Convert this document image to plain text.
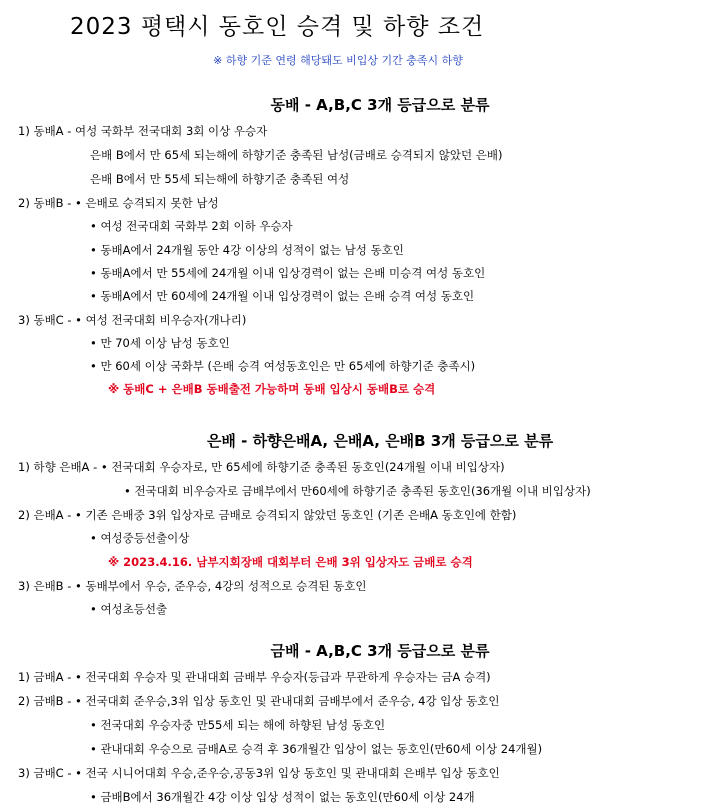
2023 평택시 동호인 승격 및 하향 조건
※ 하향 기준 연령 해당돼도 비입상 기간 충족시 하향
동배 - A,B,C 3개 등급으로 분류
1) 동배A - 여성 국화부 전국대회 3회 이상 우승자
은배 B에서 만 65세 되는해에 하향기준 충족된 남성(금배로 승격되지 않았던 은배)
은배 B에서 만 55세 되는해에 하향기준 충족된 여성
2) 동배B - • 은배로 승격되지 못한 남성
• 여성 전국대회 국화부 2회 이하 우승자
• 동배A에서 24개월 동안 4강 이상의 성적이 없는 남성 동호인
• 동배A에서 만 55세에 24개월 이내 입상경력이 없는 은배 미승격 여성 동호인
• 동배A에서 만 60세에 24개월 이내 입상경력이 없는 은배 승격 여성 동호인
3) 동배C - • 여성 전국대회 비우승자(개나리)
• 만 70세 이상 남성 동호인
• 만 60세 이상 국화부 (은배 승격 여성동호인은 만 65세에 하향기준 충족시)
※ 동배C + 은배B 동배출전 가능하며 동배 입상시 동배B로 승격
은배 - 하향은배A, 은배A, 은배B 3개 등급으로 분류
1) 하향 은배A - • 전국대회 우승자로, 만 65세에 하향기준 충족된 동호인(24개월 이내 비입상자)
• 전국대회 비우승자로 금배부에서 만60세에 하향기준 충족된 동호인(36개월 이내 비입상자)
2) 은배A - • 기존 은배중 3위 입상자로 금배로 승격되지 않았던 동호인 (기존 은배A 동호인에 한함)
• 여성중등선출이상
※ 2023.4.16. 남부지회장배 대회부터 은배 3위 입상자도 금배로 승격
3) 은배B - • 동배부에서 우승, 준우승, 4강의 성적으로 승격된 동호인
• 여성초등선출
금배 - A,B,C 3개 등급으로 분류
1) 금배A - • 전국대회 우승자 및 관내대회 금배부 우승자(등급과 무관하게 우승자는 금A 승격)
2) 금배B - • 전국대회 준우승,3위 입상 동호인 및 관내대회 금배부에서 준우승, 4강 입상 동호인
• 전국대회 우승자중 만55세 되는 해에 하향된 남성 동호인
• 관내대회 우승으로 금배A로 승격 후 36개월간 입상이 없는 동호인(만60세 이상 24개월)
3) 금배C - • 전국 시니어대회 우승,준우승,공동3위 입상 동호인 및 관내대회 은배부 입상 동호인
• 금배B에서 36개월간 4강 이상 입상 성적이 없는 동호인(만60세 이상 24개
